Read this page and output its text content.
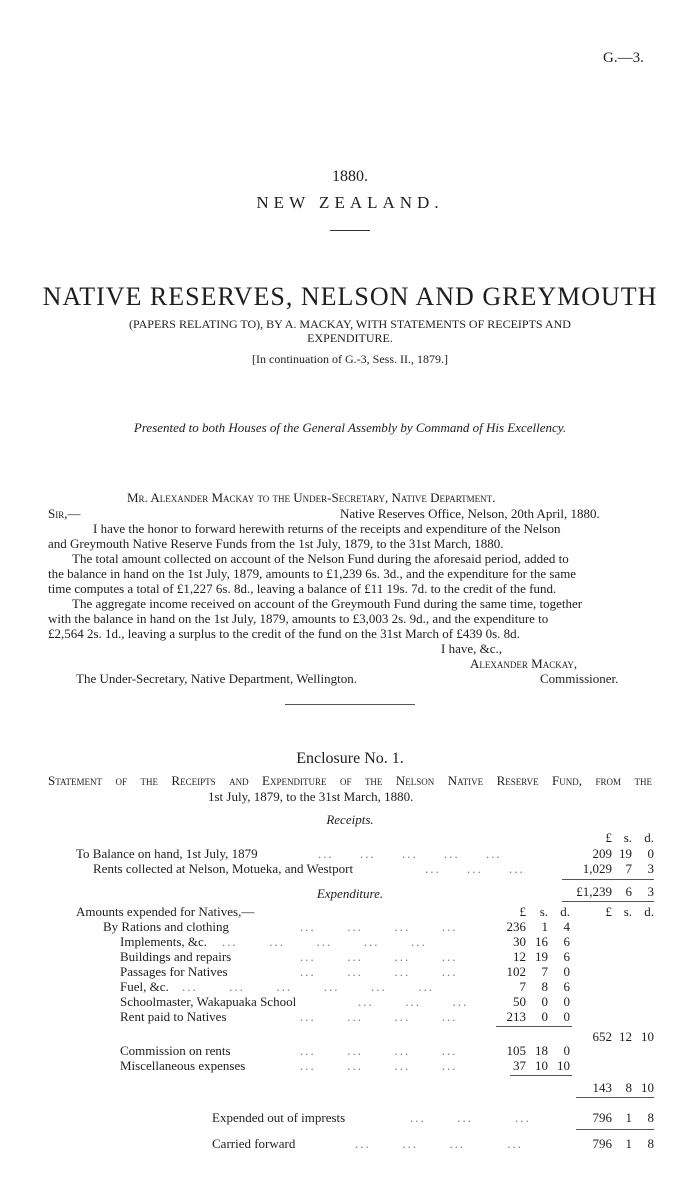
G.—3.
1880.
NEW ZEALAND.
NATIVE RESERVES, NELSON AND GREYMOUTH
(PAPERS RELATING TO), BY A. MACKAY, WITH STATEMENTS OF RECEIPTS AND
EXPENDITURE.
[In continuation of G.-3, Sess. II., 1879.]
Presented to both Houses of the General Assembly by Command of His Excellency.
Mr. Alexander Mackay to the Under-Secretary, Native Department.
Sir,—	Native Reserves Office, Nelson, 20th April, 1880.
I have the honor to forward herewith returns of the receipts and expenditure of the Nelson
and Greymouth Native Reserve Funds from the 1st July, 1879, to the 31st March, 1880.
The total amount collected on account of the Nelson Fund during the aforesaid period, added to
the balance in hand on the 1st July, 1879, amounts to £1,239 6s. 3d., and the expenditure for the same
time computes a total of £1,227 6s. 8d., leaving a balance of £11 19s. 7d. to the credit of the fund.
The aggregate income received on account of the Greymouth Fund during the same time, together
with the balance in hand on the 1st July, 1879, amounts to £3,003 2s. 9d., and the expenditure to
£2,564 2s. 1d., leaving a surplus to the credit of the fund on the 31st March of £439 0s. 8d.
I have, &c.,
Alexander Mackay,
The Under-Secretary, Native Department, Wellington.	Commissioner.
Enclosure No. 1.
Statement of the Receipts and Expenditure of the Nelson Native Reserve Fund, from the
1st July, 1879, to the 31st March, 1880.
Receipts.
£ s. d.
To Balance on hand, 1st July, 1879	...     ...     ...     ...     ...	209 19	0
Rents collected at Nelson, Motueka, and Westport	...     ...     ...	1,029	7	3
£1,239	6	3
Expenditure.
Amounts expended for Natives,—	£	s. d.	£ s. d.
By Rations and clothing	...      ...      ...      ...	236	1	4
Implements, &c. ...      ...      ...      ...      ...	30 16	6
Buildings and repairs	...      ...      ...      ...	12 19	6
Passages for Natives	...      ...      ...      ...	102	7	0
Fuel, &c. ...      ...      ...      ...      ...      ...	7	8	6
Schoolmaster, Wakapuaka School	...      ...      ...	50	0	0
Rent paid to Natives	...      ...      ...      ...	213	0	0
652 12 10
Commission on rents	...      ...      ...      ...	105 18	0
Miscellaneous expenses	...      ...      ...      ...	37 10 10
143	8 10
Expended out of imprests	...      ...        ...	796	1	8
Carried forward	...      ...      ...        ...	796	1	8
